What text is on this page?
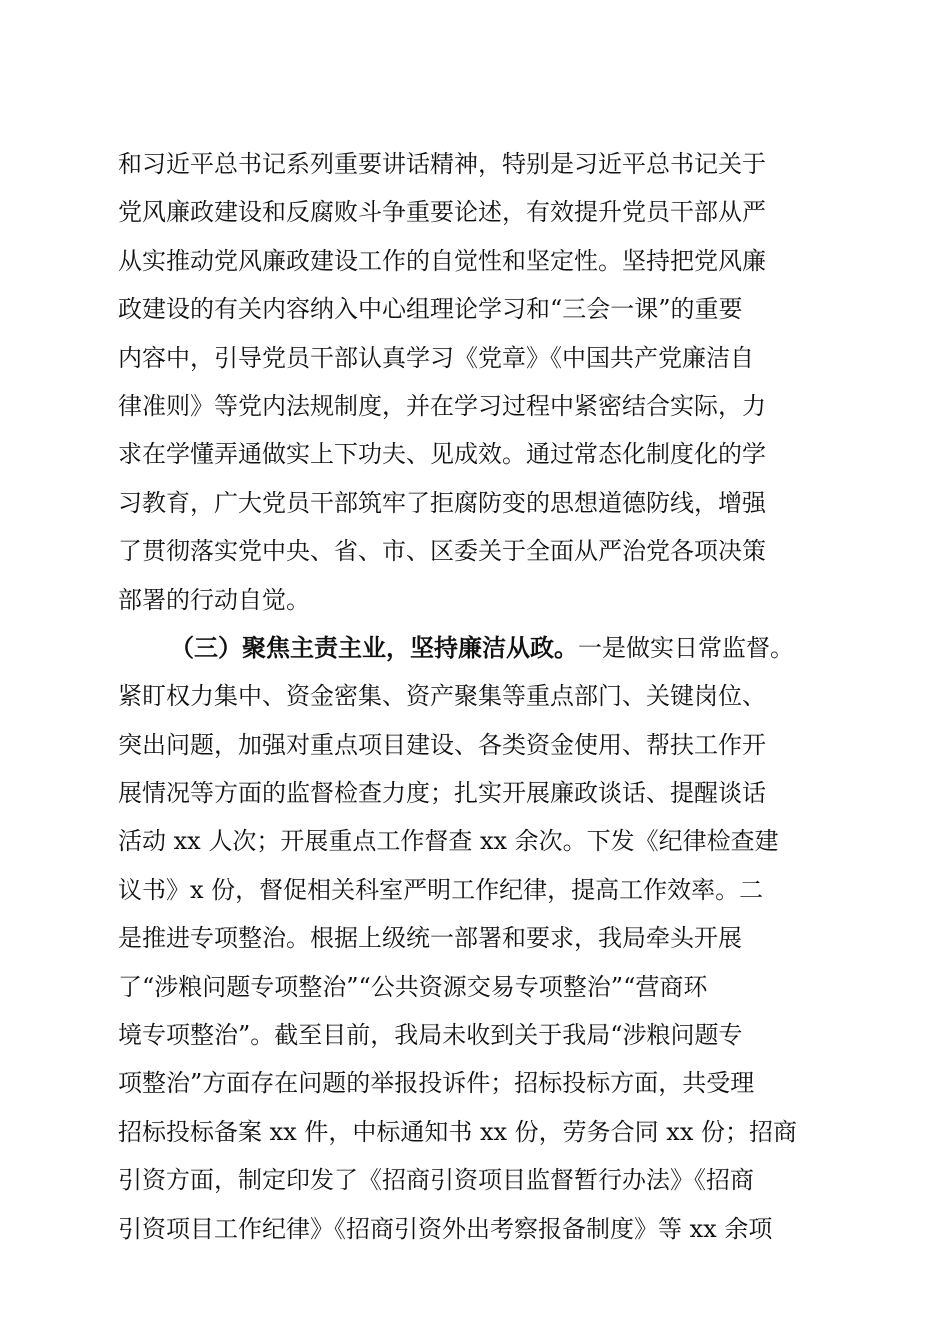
和习近平总书记系列重要讲话精神，特别是习近平总书记关于
党风廉政建设和反腐败斗争重要论述，有效提升党员干部从严
从实推动党风廉政建设工作的自觉性和坚定性。坚持把党风廉
政建设的有关内容纳入中心组理论学习和“三会一课”的重要
内容中，引导党员干部认真学习《党章》《中国共产党廉洁自
律准则》等党内法规制度，并在学习过程中紧密结合实际，力
求在学懂弄通做实上下功夫、见成效。通过常态化制度化的学
习教育，广大党员干部筑牢了拒腐防变的思想道德防线，增强
了贯彻落实党中央、省、市、区委关于全面从严治党各项决策
部署的行动自觉。
（三）聚焦主责主业，坚持廉洁从政。一是做实日常监督。
紧盯权力集中、资金密集、资产聚集等重点部门、关键岗位、
突出问题，加强对重点项目建设、各类资金使用、帮扶工作开
展情况等方面的监督检查力度；扎实开展廉政谈话、提醒谈话
活动 xx 人次；开展重点工作督查 xx 余次。下发《纪律检查建
议书》x 份，督促相关科室严明工作纪律，提高工作效率。二
是推进专项整治。根据上级统一部署和要求，我局牵头开展
了“涉粮问题专项整治”“公共资源交易专项整治”“营商环
境专项整治”。截至目前，我局未收到关于我局“涉粮问题专
项整治”方面存在问题的举报投诉件；招标投标方面，共受理
招标投标备案 xx 件，中标通知书 xx 份，劳务合同 xx 份；招商
引资方面，制定印发了《招商引资项目监督暂行办法》《招商
引资项目工作纪律》《招商引资外出考察报备制度》等 xx 余项
